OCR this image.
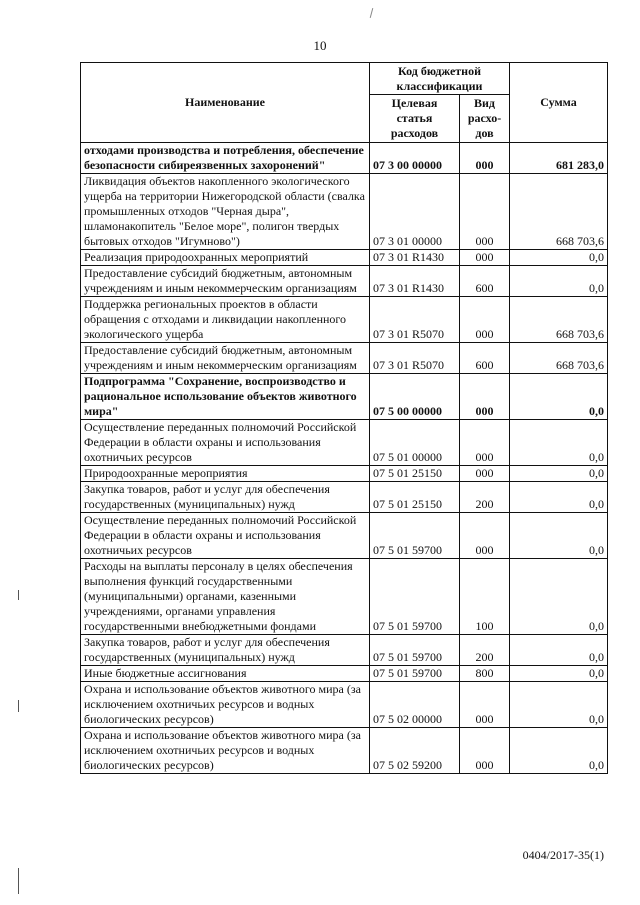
10
Наименование	Код бюджетной классификации		Сумма
	Целевая статья расходов	Вид расхо-дов	
отходами производства и потребления, обеспечение безопасности сибиреязвенных захоронений"	07 3 00 00000	000	681 283,0
Ликвидация объектов накопленного экологического ущерба на территории Нижегородской области (свалка промышленных отходов "Черная дыра", шламонакопитель "Белое море", полигон твердых бытовых отходов "Игумново")	07 3 01 00000	000	668 703,6
Реализация природоохранных мероприятий	07 3 01 R1430	000	0,0
Предоставление субсидий бюджетным, автономным учреждениям и иным некоммерческим организациям	07 3 01 R1430	600	0,0
Поддержка региональных проектов в области обращения с отходами и ликвидации накопленного экологического ущерба	07 3 01 R5070	000	668 703,6
Предоставление субсидий бюджетным, автономным учреждениям и иным некоммерческим организациям	07 3 01 R5070	600	668 703,6
Подпрограмма "Сохранение, воспроизводство и рациональное использование объектов животного мира"	07 5 00 00000	000	0,0
Осуществление переданных полномочий Российской Федерации в области охраны и использования охотничьих ресурсов	07 5 01 00000	000	0,0
Природоохранные мероприятия	07 5 01 25150	000	0,0
Закупка товаров, работ и услуг для обеспечения государственных (муниципальных) нужд	07 5 01 25150	200	0,0
Осуществление переданных полномочий Российской Федерации в области охраны и использования охотничьих ресурсов	07 5 01 59700	000	0,0
Расходы на выплаты персоналу в целях обеспечения выполнения функций государственными (муниципальными) органами, казенными учреждениями, органами управления государственными внебюджетными фондами	07 5 01 59700	100	0,0
Закупка товаров, работ и услуг для обеспечения государственных (муниципальных) нужд	07 5 01 59700	200	0,0
Иные бюджетные ассигнования	07 5 01 59700	800	0,0
Охрана и использование объектов животного мира (за исключением охотничьих ресурсов и водных биологических ресурсов)	07 5 02 00000	000	0,0
Охрана и использование объектов животного мира (за исключением охотничьих ресурсов и водных биологических ресурсов)	07 5 02 59200	000	0,0
0404/2017-35(1)
